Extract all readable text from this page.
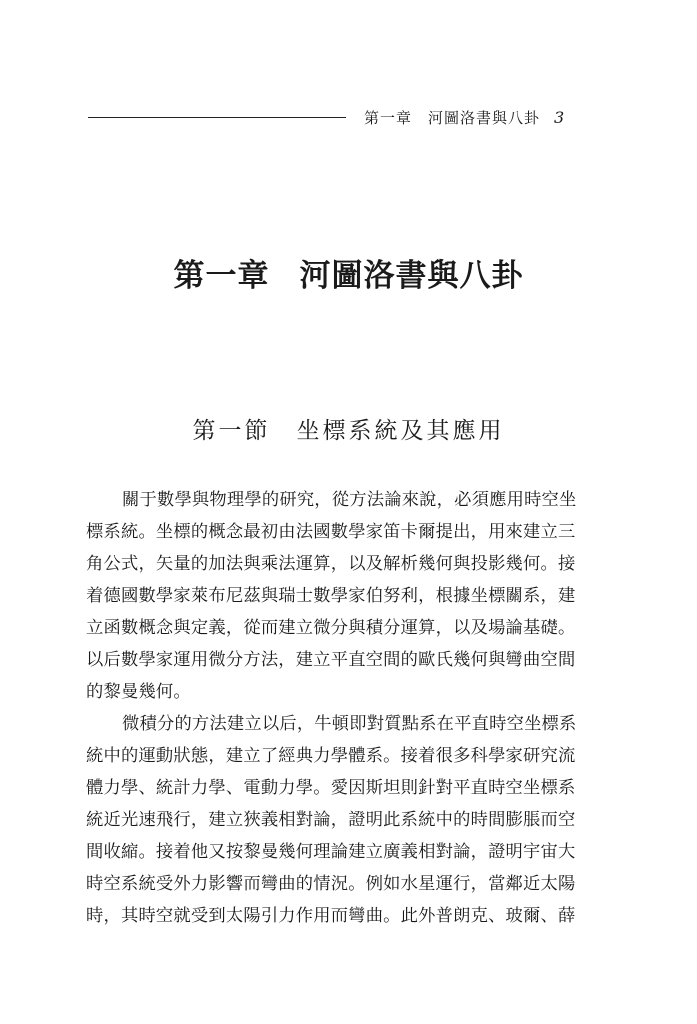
第一章 河圖洛書與八卦 3
第一章 河圖洛書與八卦
第一節 坐標系統及其應用
關于數學與物理學的研究，從方法論來說，必須應用時空坐
標系統。坐標的概念最初由法國數學家笛卡爾提出，用來建立三
角公式，矢量的加法與乘法運算，以及解析幾何與投影幾何。接
着德國數學家萊布尼茲與瑞士數學家伯努利，根據坐標關系，建
立函數概念與定義，從而建立微分與積分運算，以及場論基礎。
以后數學家運用微分方法，建立平直空間的歐氏幾何與彎曲空間
的黎曼幾何。
微積分的方法建立以后，牛頓即對質點系在平直時空坐標系
統中的運動狀態，建立了經典力學體系。接着很多科學家研究流
體力學、統計力學、電動力學。愛因斯坦則針對平直時空坐標系
統近光速飛行，建立狹義相對論，證明此系統中的時間膨脹而空
間收縮。接着他又按黎曼幾何理論建立廣義相對論，證明宇宙大
時空系統受外力影響而彎曲的情況。例如水星運行，當鄰近太陽
時，其時空就受到太陽引力作用而彎曲。此外普朗克、玻爾、薛
